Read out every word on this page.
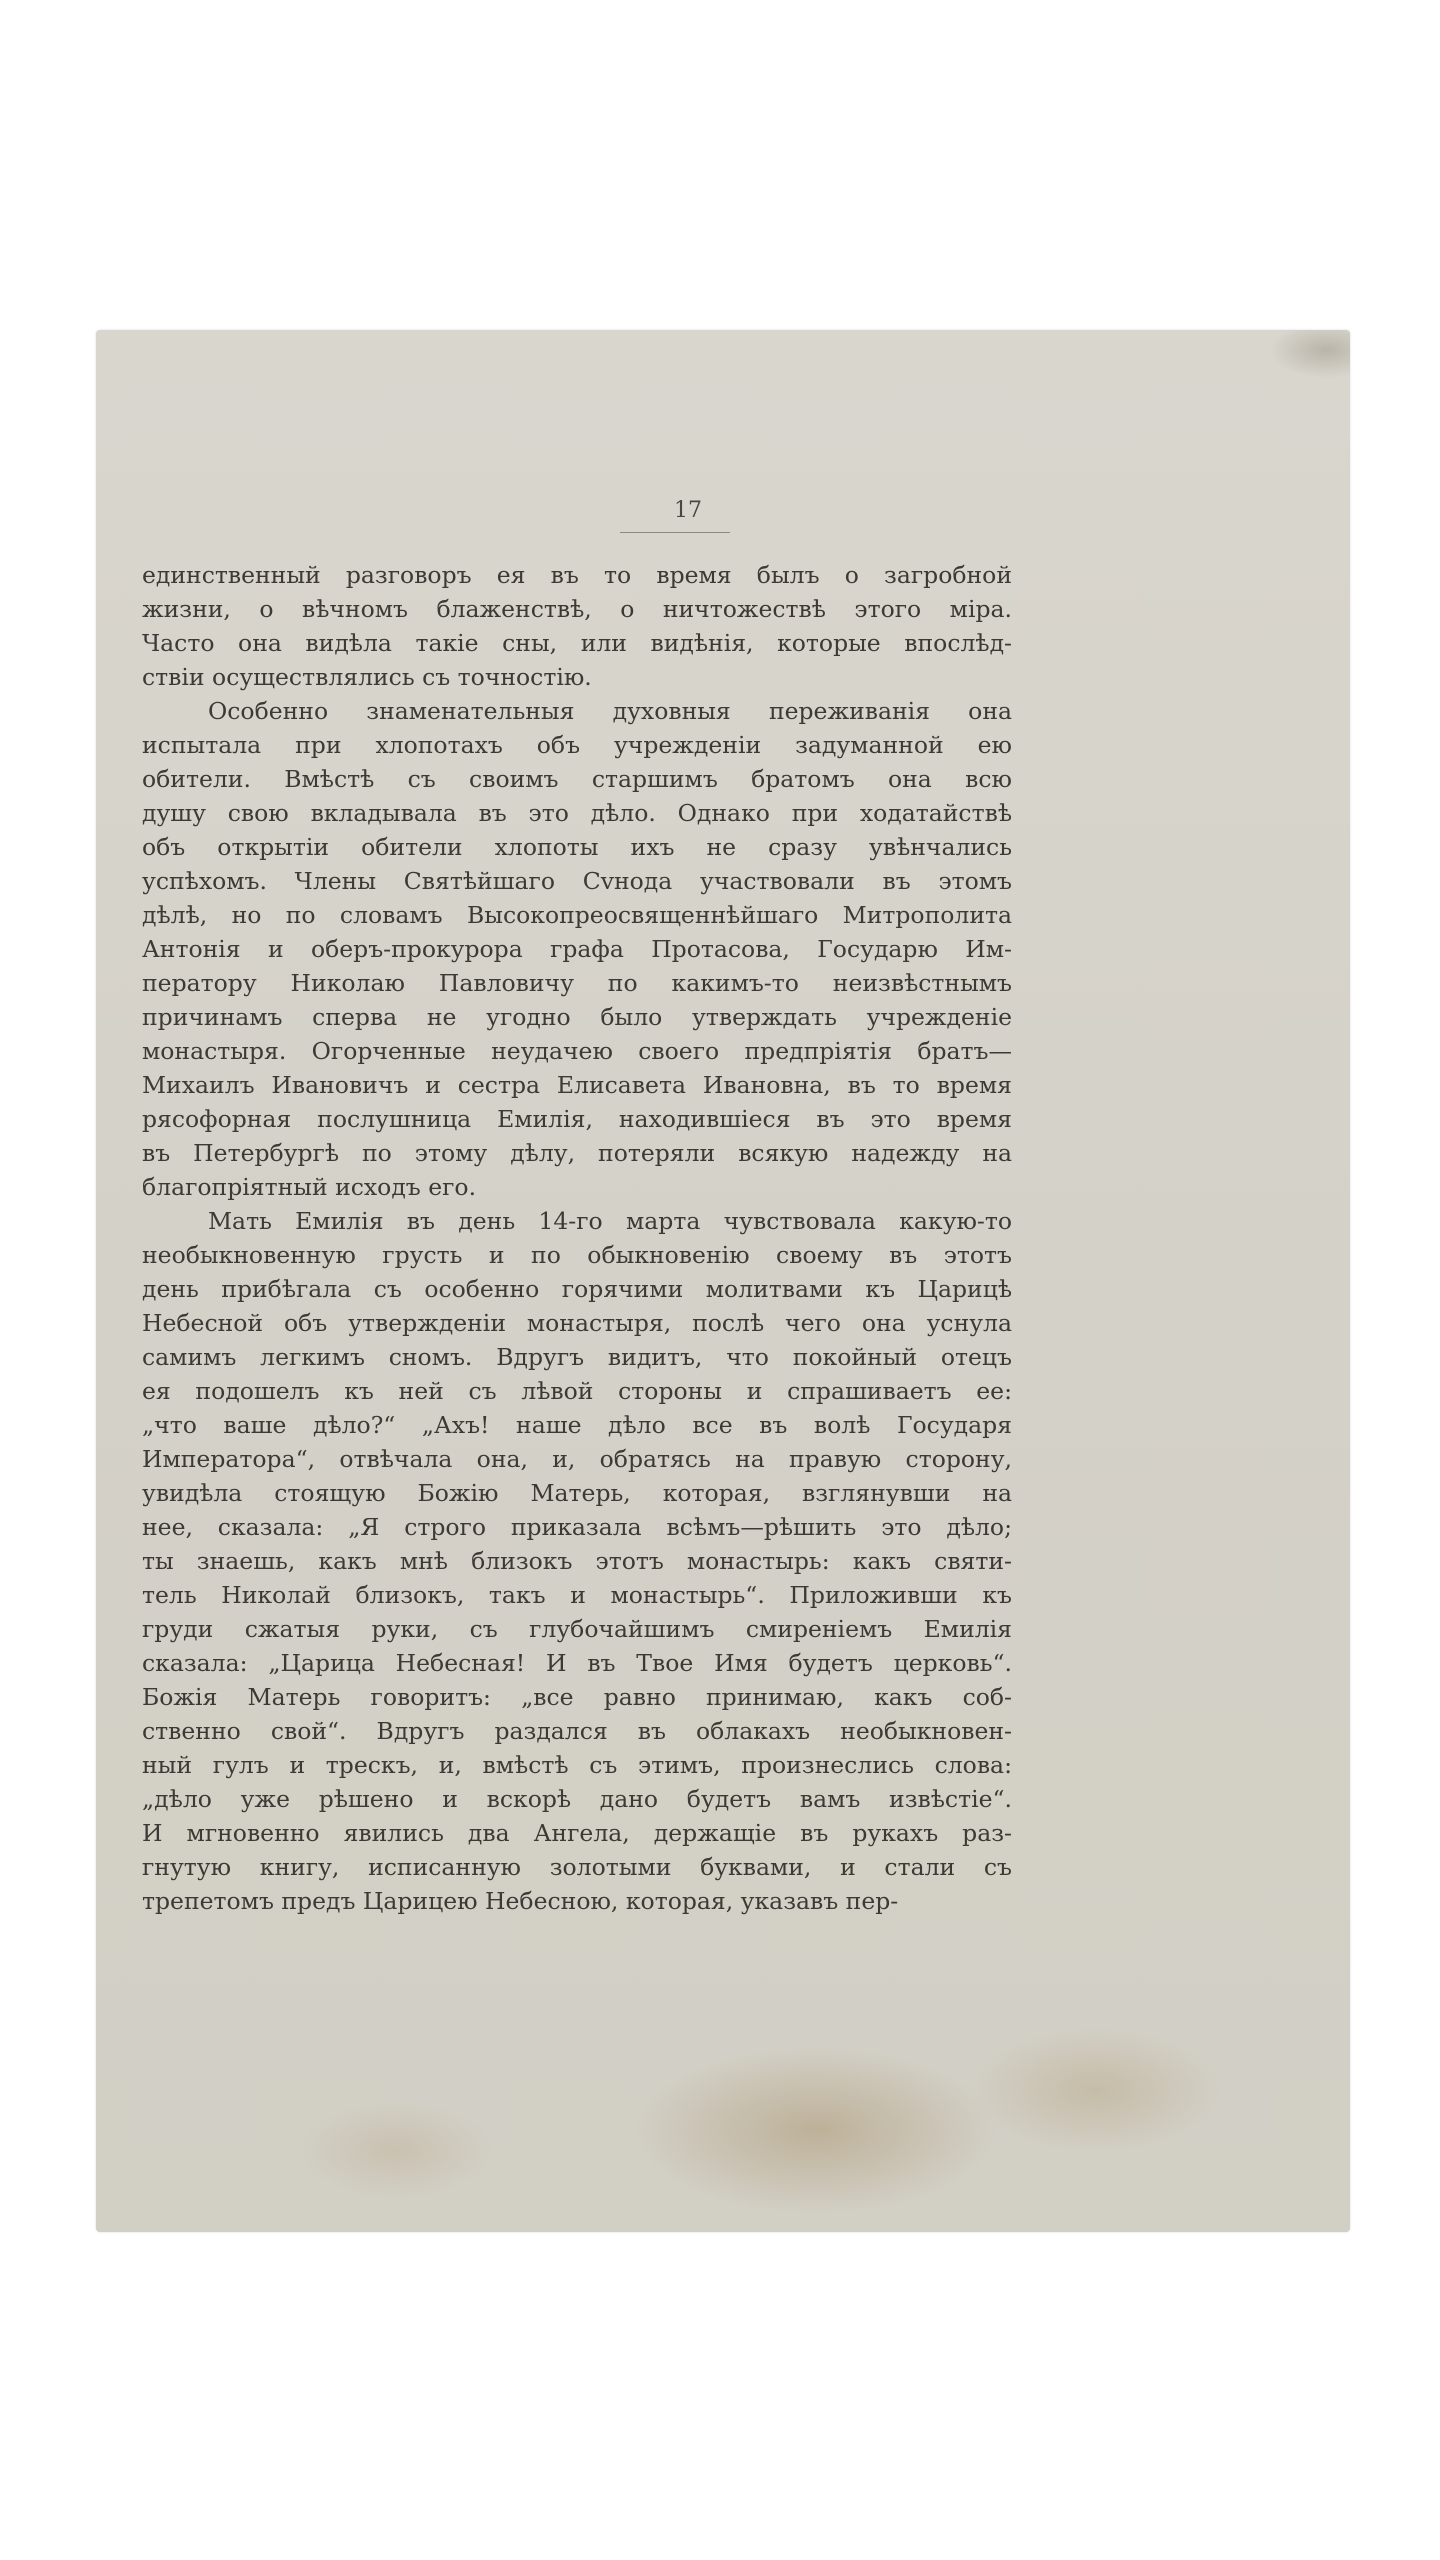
17
единственный разговоръ ея въ то время былъ о загробной
жизни, о вѣчномъ блаженствѣ, о ничтожествѣ этого міра.
Часто она видѣла такіе сны, или видѣнія, которые впослѣд-
ствіи осуществлялись съ точностію.
Особенно знаменательныя духовныя переживанія она
испытала при хлопотахъ объ учрежденіи задуманной ею
обители. Вмѣстѣ съ своимъ старшимъ братомъ она всю
душу свою вкладывала въ это дѣло. Однако при ходатайствѣ
объ открытіи обители хлопоты ихъ не сразу увѣнчались
успѣхомъ. Члены Святѣйшаго Сvнода участвовали въ этомъ
дѣлѣ, но по словамъ Высокопреосвященнѣйшаго Митрополита
Антонія и оберъ-прокурора графа Протасова, Государю Им-
ператору Николаю Павловичу по какимъ-то неизвѣстнымъ
причинамъ сперва не угодно было утверждать учрежденіе
монастыря. Огорченные неудачею своего предпріятія братъ—
Михаилъ Ивановичъ и сестра Елисавета Ивановна, въ то время
рясофорная послушница Емилія, находившіеся въ это время
въ Петербургѣ по этому дѣлу, потеряли всякую надежду на
благопріятный исходъ его.
Мать Емилія въ день 14-го марта чувствовала какую-то
необыкновенную грусть и по обыкновенію своему въ этотъ
день прибѣгала съ особенно горячими молитвами къ Царицѣ
Небесной объ утвержденіи монастыря, послѣ чего она уснула
самимъ легкимъ сномъ. Вдругъ видитъ, что покойный отецъ
ея подошелъ къ ней съ лѣвой стороны и спрашиваетъ ее:
„что ваше дѣло?“ „Ахъ! наше дѣло все въ волѣ Государя
Императора“, отвѣчала она, и, обратясь на правую сторону,
увидѣла стоящую Божію Матерь, которая, взглянувши на
нее, сказала: „Я строго приказала всѣмъ—рѣшить это дѣло;
ты знаешь, какъ мнѣ близокъ этотъ монастырь: какъ святи-
тель Николай близокъ, такъ и монастырь“. Приложивши къ
груди сжатыя руки, съ глубочайшимъ смиреніемъ Емилія
сказала: „Царица Небесная! И въ Твое Имя будетъ церковь“.
Божія Матерь говоритъ: „все равно принимаю, какъ соб-
ственно свой“. Вдругъ раздался въ облакахъ необыкновен-
ный гулъ и трескъ, и, вмѣстѣ съ этимъ, произнеслись слова:
„дѣло уже рѣшено и вскорѣ дано будетъ вамъ извѣстіе“.
И мгновенно явились два Ангела, держащіе въ рукахъ раз-
гнутую книгу, исписанную золотыми буквами, и стали съ
трепетомъ предъ Царицею Небесною, которая, указавъ пер-
